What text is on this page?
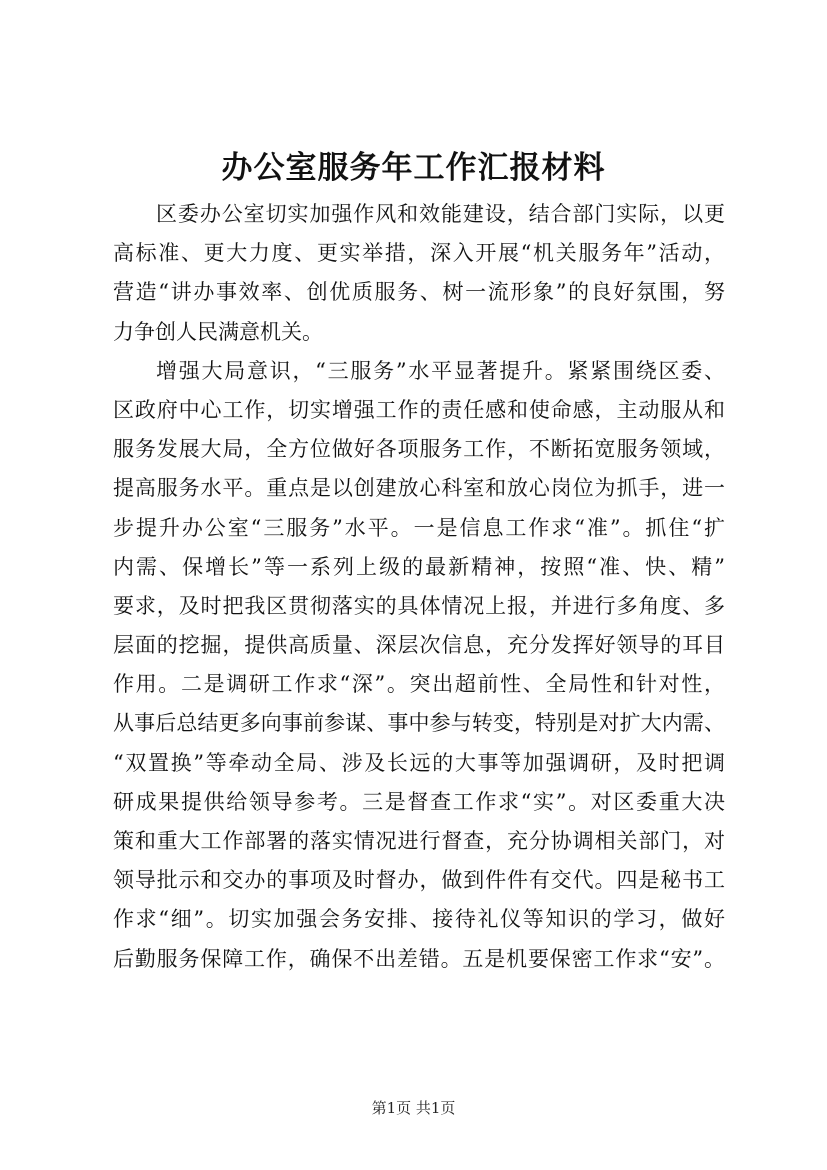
办公室服务年工作汇报材料
区委办公室切实加强作风和效能建设，结合部门实际，以更
高标准、更大力度、更实举措，深入开展“机关服务年”活动，
营造“讲办事效率、创优质服务、树一流形象”的良好氛围，努
力争创人民满意机关。
增强大局意识，“三服务”水平显著提升。紧紧围绕区委、
区政府中心工作，切实增强工作的责任感和使命感，主动服从和
服务发展大局，全方位做好各项服务工作，不断拓宽服务领域，
提高服务水平。重点是以创建放心科室和放心岗位为抓手，进一
步提升办公室“三服务”水平。一是信息工作求“准”。抓住“扩
内需、保增长”等一系列上级的最新精神，按照“准、快、精”
要求，及时把我区贯彻落实的具体情况上报，并进行多角度、多
层面的挖掘，提供高质量、深层次信息，充分发挥好领导的耳目
作用。二是调研工作求“深”。突出超前性、全局性和针对性，
从事后总结更多向事前参谋、事中参与转变，特别是对扩大内需、
“双置换”等牵动全局、涉及长远的大事等加强调研，及时把调
研成果提供给领导参考。三是督查工作求“实”。对区委重大决
策和重大工作部署的落实情况进行督查，充分协调相关部门，对
领导批示和交办的事项及时督办，做到件件有交代。四是秘书工
作求“细”。切实加强会务安排、接待礼仪等知识的学习，做好
后勤服务保障工作，确保不出差错。五是机要保密工作求“安”。
第1页 共1页
